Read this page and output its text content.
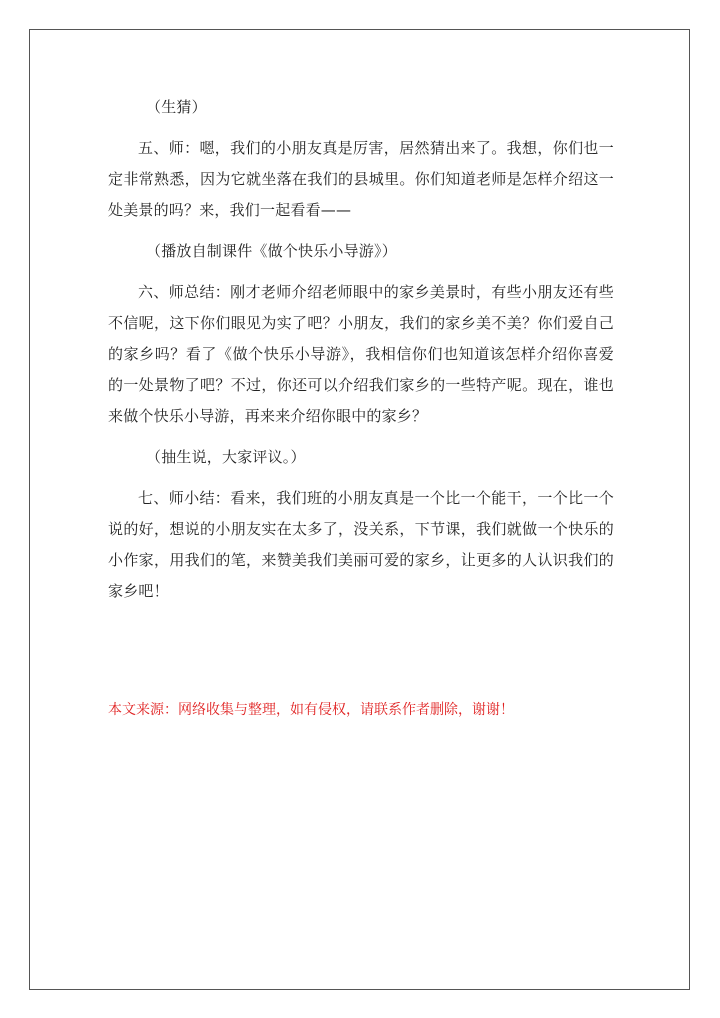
（生猜）

五、师：嗯，我们的小朋友真是厉害，居然猜出来了。我想，你们也一定非常熟悉，因为它就坐落在我们的县城里。你们知道老师是怎样介绍这一处美景的吗？来，我们一起看看——

（播放自制课件《做个快乐小导游》）

六、师总结：刚才老师介绍老师眼中的家乡美景时，有些小朋友还有些不信呢，这下你们眼见为实了吧？小朋友，我们的家乡美不美？你们爱自己的家乡吗？看了《做个快乐小导游》，我相信你们也知道该怎样介绍你喜爱的一处景物了吧？不过，你还可以介绍我们家乡的一些特产呢。现在，谁也来做个快乐小导游，再来来介绍你眼中的家乡？

（抽生说，大家评议。）

七、师小结：看来，我们班的小朋友真是一个比一个能干，一个比一个说的好，想说的小朋友实在太多了，没关系，下节课，我们就做一个快乐的小作家，用我们的笔，来赞美我们美丽可爱的家乡，让更多的人认识我们的家乡吧！

本文来源：网络收集与整理，如有侵权，请联系作者删除，谢谢！
